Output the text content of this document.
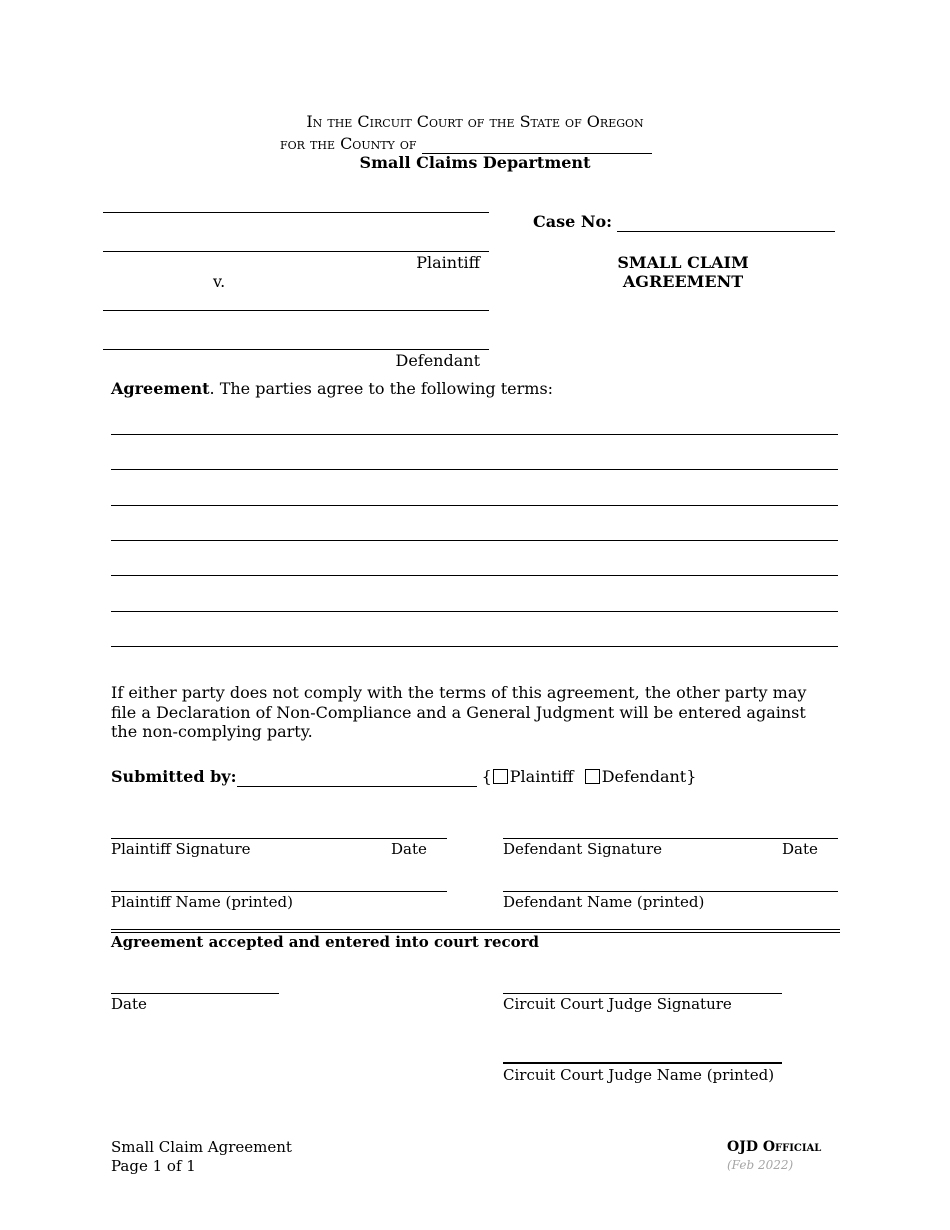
In the Circuit Court of the State of Oregon
for the County of
Small Claims Department
Plaintiff
v.
Defendant
Case No:
SMALL CLAIM
AGREEMENT
Agreement. The parties agree to the following terms:
If either party does not comply with the terms of this agreement, the other party may file a Declaration of Non-Compliance and a General Judgment will be entered against the non-complying party.
Submitted by:	{ Plaintiff Defendant}
Plaintiff Signature	Date	Defendant Signature	Date
Plaintiff Name (printed)	Defendant Name (printed)
Agreement accepted and entered into court record
Date	Circuit Court Judge Signature
Circuit Court Judge Name (printed)
Small Claim Agreement
Page 1 of 1
OJD Official
(Feb 2022)
